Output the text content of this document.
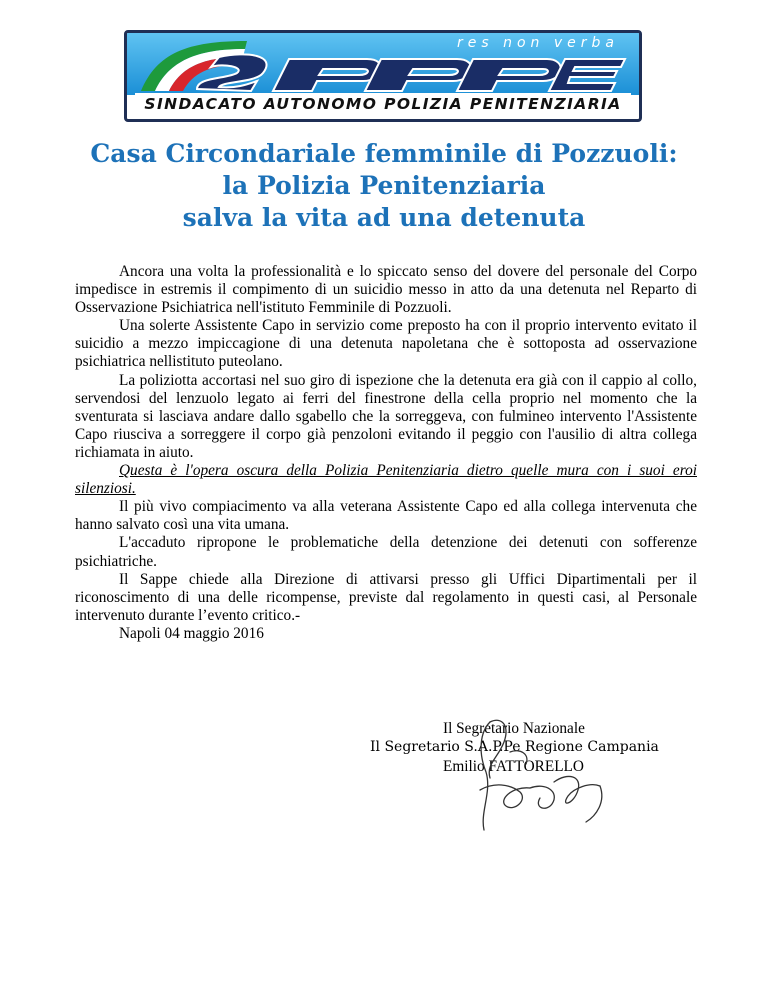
res non verba
SINDACATO AUTONOMO POLIZIA PENITENZIARIA
Casa Circondariale femminile di Pozzuoli:
la Polizia Penitenziaria
salva la vita ad una detenuta

Ancora una volta la professionalità e lo spiccato senso del dovere del personale del Corpo impedisce in estremis il compimento di un suicidio messo in atto da una detenuta nel Reparto di Osservazione Psichiatrica nell'istituto Femminile di Pozzuoli.

Una solerte Assistente Capo in servizio come preposto ha con il proprio intervento evitato il suicidio a mezzo impiccagione di una detenuta napoletana che è sottoposta ad osservazione psichiatrica nellistituto puteolano.

La poliziotta accortasi nel suo giro di ispezione che la detenuta era già con il cappio al collo, servendosi del lenzuolo legato ai ferri del finestrone della cella proprio nel momento che la sventurata si lasciava andare dallo sgabello che la sorreggeva, con fulmineo intervento l'Assistente Capo riusciva a sorreggere il corpo già penzoloni evitando il peggio con l'ausilio di altra collega richiamata in aiuto.

Questa è l'opera oscura della Polizia Penitenziaria dietro quelle mura con i suoi eroi silenziosi.

Il più vivo compiacimento va alla veterana Assistente Capo ed alla collega intervenuta che hanno salvato così una vita umana.

L'accaduto ripropone le problematiche della detenzione dei detenuti con sofferenze psichiatriche.

Il Sappe chiede alla Direzione di attivarsi presso gli Uffici Dipartimentali per il riconoscimento di una delle ricompense, previste dal regolamento in questi casi, al Personale intervenuto durante l’evento critico.-

Napoli 04 maggio 2016

Il Segretario Nazionale
Il Segretario S.A.P.Pe Regione Campania
Emilio FATTORELLO
